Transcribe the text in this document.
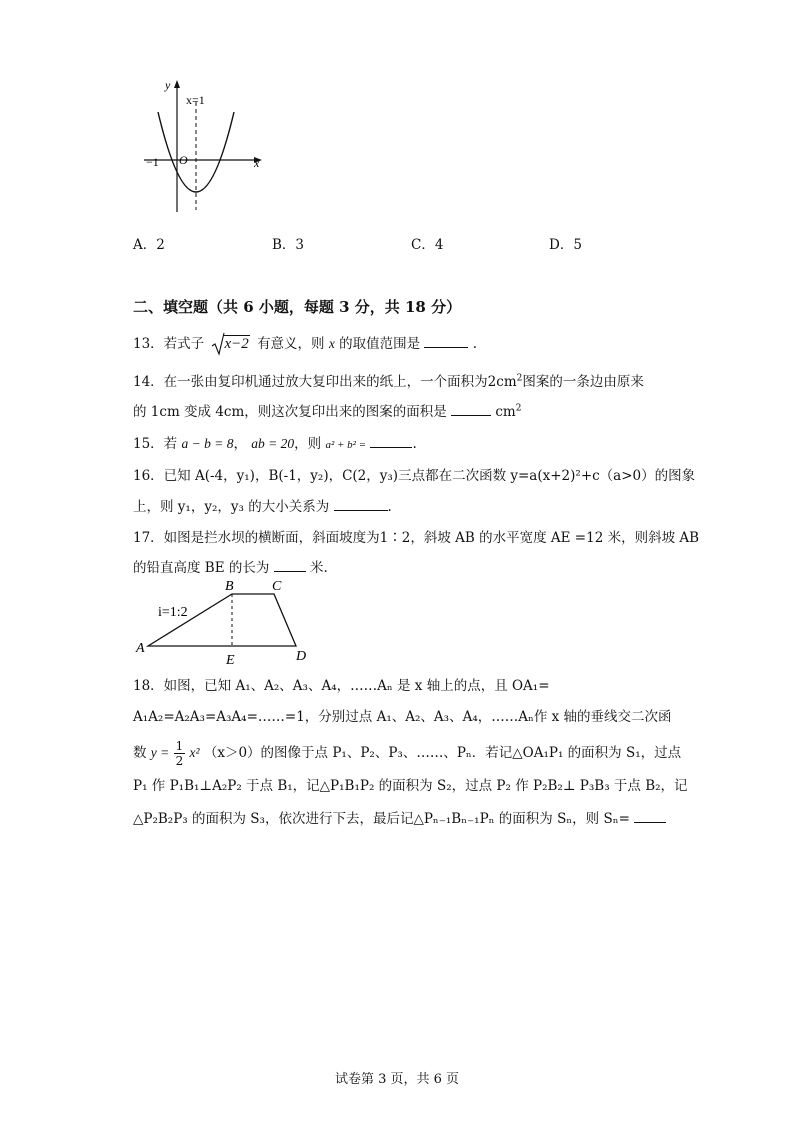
y
x
x=1
−1 O
A．2	B．3	C．4	D．5
二、填空题（共 6 小题，每题 3 分，共 18 分）
13．若式子 x−2 有意义，则 x 的取值范围是	.
14．在一张由复印机通过放大复印出来的纸上，一个面积为$2cm^2$图案的一条边由原来
的 1cm 变成 4cm，则这次复印出来的图案的面积是	$cm^2$
15．若 a − b = 8， ab = 20，则 a² + b² =	.
16．已知 A(-4，y₁)，B(-1，y₂)，C(2，y₃)三点都在二次函数 y=a(x+2)²+c（a>0）的图象
上，则 y₁，y₂，y₃ 的大小关系为	.
17．如图是拦水坝的横断面，斜面坡度为1∶2，斜坡 AB 的水平宽度 AE =12 米，则斜坡 AB
的铅直高度 BE 的长为	米.
B	C
A
D
E
i=1:2
18．如图，已知 A₁、A₂、A₃、A₄，……Aₙ 是 x 轴上的点，且 OA₁=
A₁A₂=A₂A₃=A₃A₄=……=1，分别过点 A₁、A₂、A₃、A₄，……Aₙ作 x 轴的垂线交二次函
数 $y = \frac{1}{2} x^2$ （x＞0）的图像于点 P₁、P₂、P₃、……、Pₙ．若记△OA₁P₁ 的面积为 S₁，过点
P₁ 作 P₁B₁⊥A₂P₂ 于点 B₁，记△P₁B₁P₂ 的面积为 S₂，过点 P₂ 作 P₂B₂⊥ P₃B₃ 于点 B₂，记
△P₂B₂P₃ 的面积为 S₃，依次进行下去，最后记△Pₙ₋₁Bₙ₋₁Pₙ 的面积为 Sₙ，则 Sₙ=
试卷第 3 页，共 6 页
